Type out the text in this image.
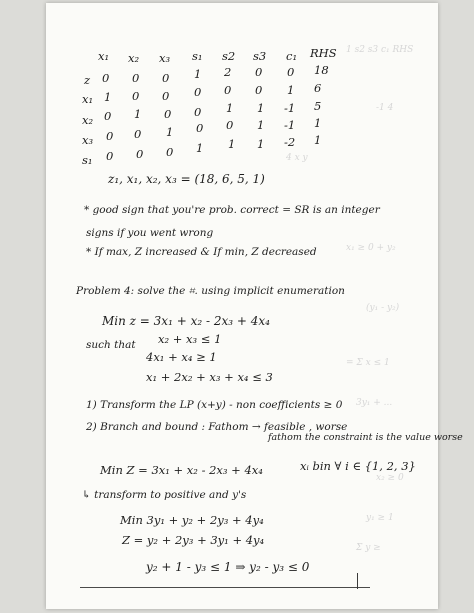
1 s2 s3 c₁ RHS
-1 4
x₁ ≥ 0 + y₂
(y₁ - y₂)
= Σ x ≤ 1
3y₁ + ...
x₂ ≥ 0
y₁ ≥ 1
Σ y ≥
4 x y
x₁ x₂ x₃ s₁ s2 s3 c₁ RHS
z 0 0 0 1 2 0 0 18
x₁ 1 0 0 0 0 0 1 6
x₂ 0 1 0 0 1 1 -1 5
x₃ 0 0 1 0 0 1 -1 1
s₁ 0 0 0 1 1 1 -2 1
z₁, x₁, x₂, x₃ = (18, 6, 5, 1)
* good sign that you're prob. correct = SR is an integer
signs if you went wrong
* If max, Z increased & If min, Z decreased
Problem 4: solve the ⌗. using implicit enumeration
Min z = 3x₁ + x₂ - 2x₃ + 4x₄
such that x₂ + x₃ ≤ 1
4x₁ + x₄ ≥ 1
x₁ + 2x₂ + x₃ + x₄ ≤ 3
1) Transform the LP (x+y) - non coefficients ≥ 0
2) Branch and bound : Fathom → feasible , worse
fathom the constraint is the value worse
Min Z = 3x₁ + x₂ - 2x₃ + 4x₄	xᵢ bin ∀ i ∈ {1, 2, 3}
↳ transform to positive and y's
Min 3y₁ + y₂ + 2y₃ + 4y₄
Z = y₂ + 2y₃ + 3y₁ + 4y₄
y₂ + 1 - y₃ ≤ 1 ⇒ y₂ - y₃ ≤ 0
